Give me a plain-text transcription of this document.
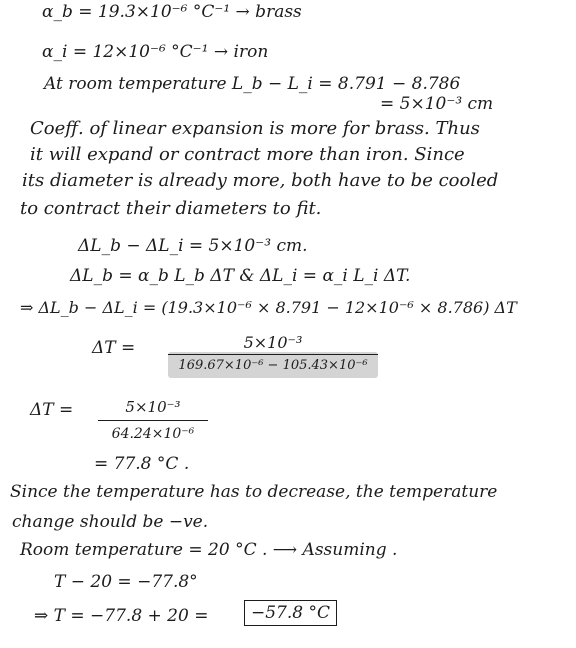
α_b = 19.3×10⁻⁶ °C⁻¹ → brass
α_i = 12×10⁻⁶ °C⁻¹ → iron
At room temperature L_b − L_i = 8.791 − 8.786
= 5×10⁻³ cm
Coeff. of linear expansion is more for brass. Thus
it will expand or contract more than iron. Since
its diameter is already more, both have to be cooled
to contract their diameters to fit.
ΔL_b − ΔL_i = 5×10⁻³ cm.
ΔL_b = α_b L_b ΔT & ΔL_i = α_i L_i ΔT.
⇒ ΔL_b − ΔL_i = (19.3×10⁻⁶ × 8.791 − 12×10⁻⁶ × 8.786) ΔT
ΔT =	5×10⁻³
169.67×10⁻⁶ − 105.43×10⁻⁶
ΔT =	5×10⁻³
64.24×10⁻⁶
= 77.8 °C .
Since the temperature has to decrease, the temperature
change should be −ve.
Room temperature = 20 °C . ⟶ Assuming .
T − 20 = −77.8°
⇒ T = −77.8 + 20 =	−57.8 °C
